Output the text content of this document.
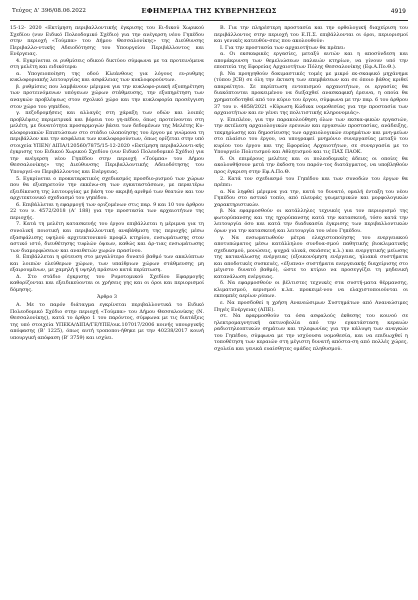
Τεύχος Δ’ 396/08.06.2022	ΕΦΗΜΕΡΙΔΑ ΤΗΣ ΚΥΒΕΡΝΗΣΕΩΣ	4919

15-12- 2020 «Εκτίμηση περιβαλλοντικής έγκρισης του Ει-δικού Χωρικού Σχεδίου (νυν Ειδικό Πολεοδομικό Σχέδιο) για την ανέγερση νέου Γηπέδου στην περιοχή «Τούμπα» του Δήμου Θεσσαλονίκης» της Διεύθυνσης Περιβαλλο-ντικής Αδειοδότησης του Υπουργείου Περιβάλλοντος και Ενέργειας.

4. Εγκρίνεται οι ρυθμίσεις οδικού δικτύου σύμφωνα με τα προτεινόμενα στη μελέτη και ειδικότερα:

α. Υπογειοποίηση της οδού Κλεάνθους για λόγους ευ-ρυθμης κυκλοφοριακής λειτουργίας και ασφάλειας των κυκλοφορούντων.

β. ρυθμίσεις που λαμβάνουν μέριμνα για την κυκλοφο-ριακή εξυπηρέτηση των προτεινόμενων υπόγειων χώρων στάθμευσης, την εξυπηρέτηση των αναγκών προβλέψεως στον σχολικό χώρο και την κυκλοφορία προσέγγιση στον χώρο του γηπέδου,

γ. πεζοδρομήσεις και αλλαγές στη χάραξη των οδών και λοιπές προβλέψεις περιμετρικά και βόρεια του γη-πέδου, όπως προτείνονται στη μελέτη, με δυνατότητα προσαρμογών βάσει των δεδομένων της Μελέτης Κυ-κλοφοριακών Επιπτώσεων στο στάδιο υλοποίησης του έργου με γνώμονα τη περιβάλλον και την ασφάλεια των κυκλοφορούντων, όπως ορίζεται στην υπό στοιχεία ΥΠΕΝ/ ΔΙΠΑ/120560/7875/15-12-2020 «Εκτίμηση περιβαλλοντι-κής έγκρισης του Ειδικού Χωρικού Σχεδίου (νυν Ειδικό Πολεοδομικό Σχέδιο) για την ανέγερση νέου Γηπέδου στην περιοχή «Τούμπα» του Δήμου Θεσσαλονίκης» της Διεύθυνσης Περιβαλλοντικής Αδειοδότησης του Υπουργεί-ου Περιβάλλοντος και Ενέργειας.

5. Εγκρίνεται ο προκαταρκτικός σχεδιασμός προσδιο-ρισμού των χώρων που θα εξυπηρετούν την εκκένω-ση των εγκαταστάσεων, με περαιτέρω εξειδίκευση της λειτουργίας με βάση τον ακριβή αριθμό των θεατών και τον αρχιτεκτονικό σχεδιασμό του γηπέδου.

6. Επιβάλλεται η εφαρμογή των οριζομένων στις παρ. 9 και 10 του άρθρου 22 του ν. 4572/2018 (Α’ 188) για την προστασία των αρχαιοτήτων της περιοχής.

7. Κατά τη μελέτη κατασκευής του έργου επιβάλλεται η μέριμνα για τη συνολική ποιοτική και περιβαλλοντική αναβάθμιση της περιοχής μέσω εξασφάλισης υψηλού αρχιτεκτονικού προφίλ κτηρίου, ενσωμάτωσης στον αστικό ιστό, διευθέτησης τυφλών όψεων, καθώς και άρ-τιας ενσωμάτωσης των διαμορφώσεων και αναιθετών χωρών πρασίνου.

8. Επιβάλλεται η φύτευση στο μεγαλύτερο δυνατό βαθμό των ακαλύπτων και λοιπών ελεύθερων χώρων, των υπαίθριων χώρων στάθμευσης μη εξαιρουμένων, με χαμηλή ή υψηλή πράσινο κατά περίπτωση.

Δ. Στο στάδιο έγκρισης του Ρυμοτομικού Σχεδίου Εφαρμογής καθορίζονται και εξειδικεύονται οι χρήσεις γης και οι όροι και περιορισμοί δόμησης.

Άρθρο 3

Α. Με το παρόν διάταγμα εγκρίνεται περιβαλλοντικά το Ειδικό Πολεοδομικό Σχέδιο στην περιοχή «Τούμπα» του Δήμου Θεσσαλονίκης (Ν. Θεσσαλονίκης), κατά το άρθρο 1 του παρόντος, σύμφωνα με τις διατάξεις της υπό στοιχεία ΥΠΕΚΑ/ΔΙΠΑ/ΓΕ/ΥΠΕ/οικ.107017/2006 κοινής υπουργικής απόφασης (Β’ 1225), όπως αυτή τροποποι-ήθηκε με την 40238/2017 κοινή υπουργική απόφαση (Β’ 3759) και ισχύει.

Β. Για την πληρέστερη προστασία και την ορθολογική διαχείριση του περιβάλλοντος στην περιοχή του Ε.Π.Σ. επιβάλλονται οι όροι, περιορισμοί και γενικές κατευθύν-σεις που ακολουθούν:

Ι. Για την προστασία των αρχαιοτήτων θα πρέπει:

α. Οι εκσκαφικές εργασίες, μεταξύ αυτών και η αποσύνδεση και απομάκρυνση των θεμελιώσεων παλαιών κτηρίων, να γίνουν υπό την εποπτεία της Εφορείας Αρχαιοτήτων Πόλης Θεσσαλονίκης (Εφ.Α.Πο.Θ.).

β. Να προηγηθούν δοκιμαστικές τομές με μικρό εκ-σκαφικό μηχάνημα (τύπου JCB) σε όλη την έκταση των επεμβάσεων και σε όποιο βάθος κριθεί απαραίτητο. Σε περίπτωση εντοπισμού αρχαιοτήτων, οι εργασίες θα διακόπτονται προκειμένου να διεξαχθεί ανασκαφική έρευνα, η οποία θα χρηματοδοτηθεί από τον κύριο του έργου, σύμφωνα με την παρ. 6 του άρθρου 37 του ν. 4858/2021 «Κύρωση Κώδικα νομοθεσίας για την προστασία των αρχαιοτήτων και εν γένει της πολιτιστικής κληρονομιάς».

γ. Επιπλέον, για την παρακολούθηση όλων των εκσκα-φικών εργασιών, την εκτέλεση αρχαιολογικών ερευνών και εργασιών προστασίας, ανάδειξης, τεκμηρίωσης και δημοσίευσης των αρχαιολογικών ευρημάτων και μνη-μείων στο πλαίσιο του έργου, να υπογραφεί μνημόνιο συνεργασίας μεταξύ του κυρίου του έργου και της Εφορείας Αρχαιοτήτων, σε συνεργασία με το Υπουργείο Πολιτισμού και Αθλητισμού και τις ΠΑΣ ΠΑΟΚ.

δ. Οι επιμέρους μελέτες και οι πολεοδομικές άδειες οι οποίες θα ακολουθήσουν μετά την έκδοση του παρόν-τος διατάγματος, να υποβληθούν προς έγκριση στην Εφ.Α.Πο.Θ.

2. Κατά τον σχεδιασμό του Γηπέδου και των συνοδών του έργων θα πρέπει:

α. Να ληφθεί μέριμνα για την, κατά το δυνατό, ομαλή ένταξη του νέου Γηπέδου στο αστικό τοπίο, από πλευράς γεωμετρικών και μορφολογικών χαρακτηριστικών.

β. Να εφαρμοσθούν οι κατάλληλες τεχνικές για τον περιορισμό της φωτορύπανσης και της ηχορύπανσης κατά την κατασκευή, τόσο κατά την λειτουργία όσο και κατά την διαδικασία έγκρισης των περιβαλλοντικών όρων για την κατασκευή και λειτουργία του νέου Γηπέδου.

γ. Να ενσωματωθούν μέτρα ελαχιστοποίησης του ενεργειακού αποτυπώματος μέσω κατάλληλου συνδυα-σμού παθητικής βιοκλιματικής σχεδιασμού, μονώσεις, ψυχρά υλικά, σκιάσεις κ.λ.) και ενεργητικής μείωσης της κατανάλωσης ενέργειας (εξοικονόμηση ενέργειας, ηλιακά συστήματα και αποδοτικές συσκευές, «έξυπνα» συστήματα ενεργειακής διαχείρισης στο μέγιστο δυνατό βαθμό), ώστε το κτίριο να προσεγγίζει τη μηδενική κατανάλωση ενέργειας.

δ. Να εφαρμοσθούν οι βέλτιστες τεχνικές στα συστή-ματα θέρμανσης, κλιματισμού, αερισμού κ.λπ. προκειμέ-νου να ελαχιστοποιούνται οι εκπομπές αερίων ρύπων.

ε. Να προσδοθεί η χρήση Ανανεώσιμων Συστημάτων από Ανανεώσιμες Πηγές Ενέργειας (ΑΠΕ).

στ. Να εφαρμοσθούν τα όσα ασφαλούς έκθεσης του κοινού σε ηλεκτρομαγνητική ακτινοβολία από την εγκατάσταση κεραιών ραδιοτηλεοπτικών σημάτων και τηλεφωνίας για την κάλυψη των αναγκών του Γηπέδου, σύμφωνα με την ισχύουσα νομοθεσία, και να επιδιωχθεί η τοποθέτηση των κεραιών στη μέγιστη δυνατή απόστα-ση από πολλές χώρες, σχολεία και γενικά ευαίσθητες ομάδες πληθυσμού.
